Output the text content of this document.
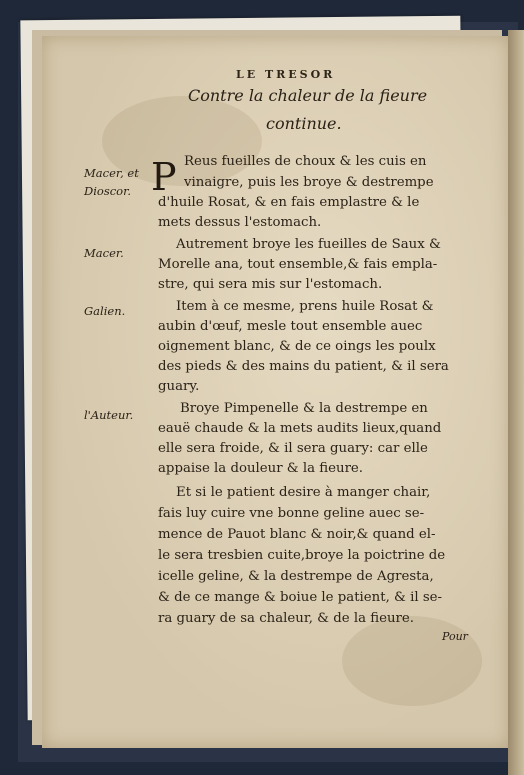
LE TRESOR
Contre la chaleur de la fieure
continue.
Macer, et Dioscor.
Macer.
Galien.
l'Auteur.
P Reus fueilles de choux & les cuis en
vinaigre, puis les broye & destrempe
d'huile Rosat, & en fais emplastre & le
mets dessus l'estomach.
Autrement broye les fueilles de Saux &
Morelle ana, tout ensemble,& fais empla-
stre, qui sera mis sur l'estomach.
Item à ce mesme, prens huile Rosat &
aubin d'œuf, mesle tout ensemble auec
oignement blanc, & de ce oings les poulx
des pieds & des mains du patient, & il sera
guary.
Broye Pimpenelle & la destrempe en
eauë chaude & la mets audits lieux,quand
elle sera froide, & il sera guary: car elle
appaise la douleur & la fieure.
Et si le patient desire à manger chair,
fais luy cuire vne bonne geline auec se-
mence de Pauot blanc & noir,& quand el-
le sera tresbien cuite,broye la poictrine de
icelle geline, & la destrempe de Agresta,
& de ce mange & boiue le patient, & il se-
ra guary de sa chaleur, & de la fieure.
Pour
